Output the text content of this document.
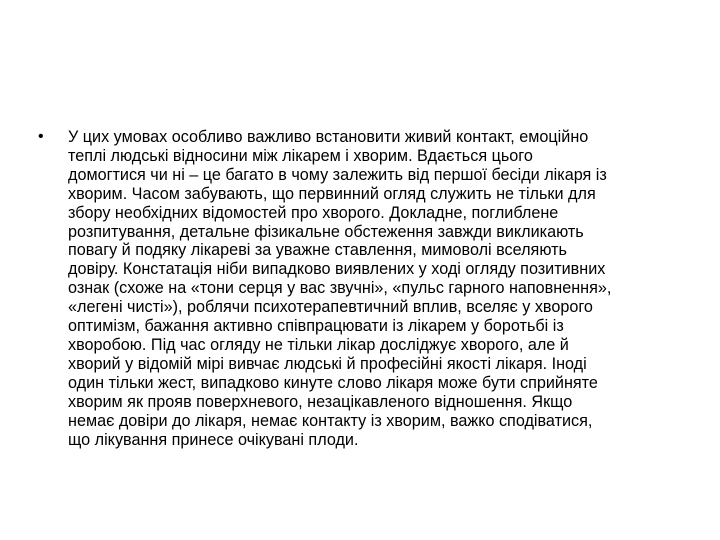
•	У цих умовах особливо важливо встановити живий контакт, емоційно
теплі людські відносини між лікарем і хворим. Вдається цього
домогтися чи ні – це багато в чому залежить від першої бесіди лікаря із
хворим. Часом забувають, що первинний огляд служить не тільки для
збору необхідних відомостей про хворого. Докладне, поглиблене
розпитування, детальне фізикальне обстеження завжди викликають
повагу й подяку лікареві за уважне ставлення, мимоволі вселяють
довіру. Констатація ніби випадково виявлених у ході огляду позитивних
ознак (схоже на «тони серця у вас звучні», «пульс гарного наповнення»,
«легені чисті»), роблячи психотерапевтичний вплив, вселяє у хворого
оптимізм, бажання активно співпрацювати із лікарем у боротьбі із
хворобою. Під час огляду не тільки лікар досліджує хворого, але й
хворий у відомій мірі вивчає людські й професійні якості лікаря. Іноді
один тільки жест, випадково кинуте слово лікаря може бути сприйняте
хворим як прояв поверхневого, незацікавленого відношення. Якщо
немає довіри до лікаря, немає контакту із хворим, важко сподіватися,
що лікування принесе очікувані плоди.
